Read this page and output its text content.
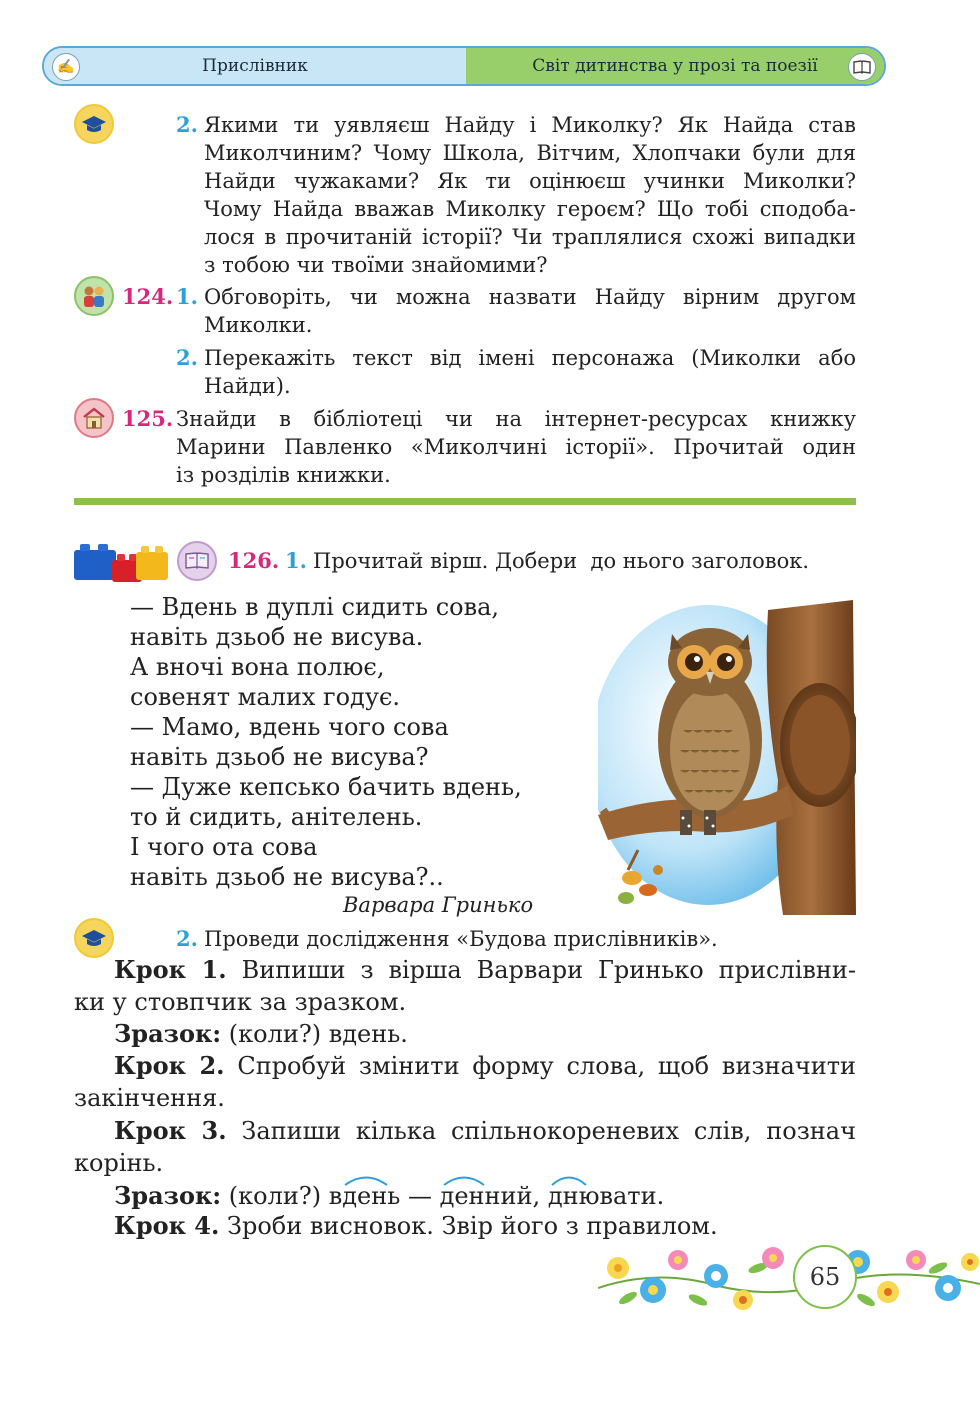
✍	Прислівник	Світ дитинства у прозі та поезії
2. Якими ти уявляєш Найду і Миколку? Як Найда став
Миколчиним? Чому Школа, Вітчим, Хлопчаки були для
Найди чужаками? Як ти оцінюєш учинки Миколки?
Чому Найда вважав Миколку героєм? Що тобі сподоба-
лося в прочитаній історії? Чи траплялися схожі випадки
з тобою чи твоїми знайомими?
124. 1. Обговоріть, чи можна назвати Найду вірним другом
Миколки.
2. Перекажіть текст від імені персонажа (Миколки або
Найди).
125. Знайди в бібліотеці чи на інтернет-ресурсах книжку
Марини Павленко «Миколчині історії». Прочитай один
із розділів книжки.
126. 1. Прочитай вірш. Добери  до нього заголовок.
— Вдень в дуплі сидить сова,
навіть дзьоб не висува.
А вночі вона полює,
совенят малих годує.
— Мамо, вдень чого сова
навіть дзьоб не висува?
— Дуже кепсько бачить вдень,
то й сидить, анітелень.
І чого ота сова
навіть дзьоб не висува?..
Варвара Гринько
2. Проведи дослідження «Будова прислівників».
Крок 1. Випиши з вірша Варвари Гринько прислівни-
ки у стовпчик за зразком.
Зразок: (коли?) вдень.
Крок 2. Спробуй змінити форму слова, щоб визначити
закінчення.
Крок 3. Запиши кілька спільнокореневих слів, познач
корінь.
Зразок: (коли?) вдень — денний, днювати.
Крок 4. Зроби висновок. Звір його з правилом.
65
